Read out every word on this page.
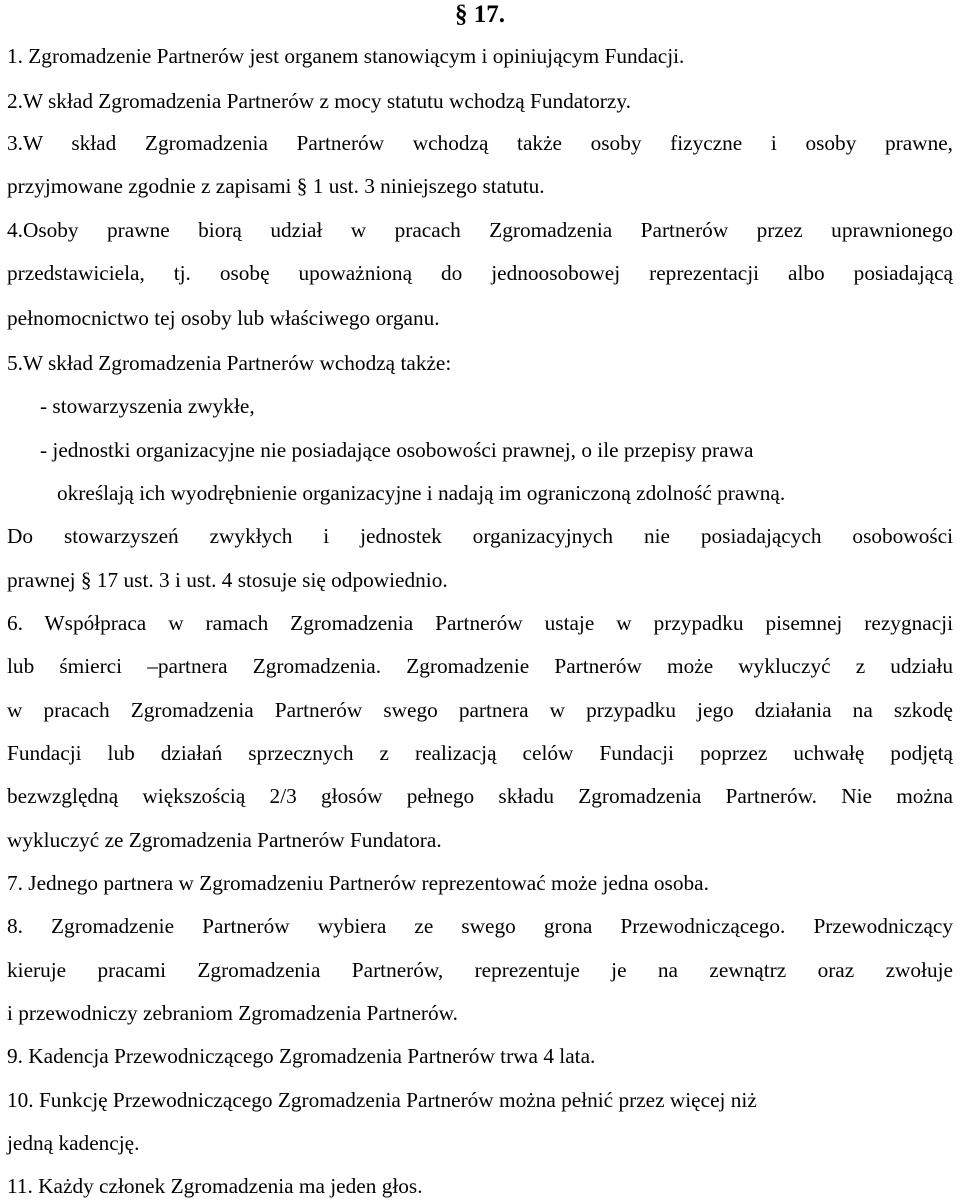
§ 17.
1. Zgromadzenie Partnerów jest organem stanowiącym i opiniującym Fundacji.
2.W skład Zgromadzenia Partnerów z mocy statutu wchodzą Fundatorzy.
3.W skład Zgromadzenia Partnerów wchodzą także osoby fizyczne i osoby prawne,
przyjmowane zgodnie z zapisami § 1 ust. 3 niniejszego statutu.
4.Osoby prawne biorą udział w pracach Zgromadzenia Partnerów przez uprawnionego
przedstawiciela, tj. osobę upoważnioną do jednoosobowej reprezentacji albo posiadającą
pełnomocnictwo tej osoby lub właściwego organu.
5.W skład Zgromadzenia Partnerów wchodzą także:
- stowarzyszenia zwykłe,
- jednostki organizacyjne nie posiadające osobowości prawnej, o ile przepisy prawa
określają ich wyodrębnienie organizacyjne i nadają im ograniczoną zdolność prawną.
Do stowarzyszeń zwykłych i jednostek organizacyjnych nie posiadających osobowości
prawnej § 17 ust. 3 i ust. 4 stosuje się odpowiednio.
6. Współpraca w ramach Zgromadzenia Partnerów ustaje w przypadku pisemnej rezygnacji
lub śmierci –partnera Zgromadzenia. Zgromadzenie Partnerów może wykluczyć z udziału
w pracach Zgromadzenia Partnerów swego partnera w przypadku jego działania na szkodę
Fundacji lub działań sprzecznych z realizacją celów Fundacji poprzez uchwałę podjętą
bezwzględną większością 2/3 głosów pełnego składu Zgromadzenia Partnerów. Nie można
wykluczyć ze Zgromadzenia Partnerów Fundatora.
7. Jednego partnera w Zgromadzeniu Partnerów reprezentować może jedna osoba.
8. Zgromadzenie Partnerów wybiera ze swego grona Przewodniczącego. Przewodniczący
kieruje pracami Zgromadzenia Partnerów, reprezentuje je na zewnątrz oraz zwołuje
i przewodniczy zebraniom Zgromadzenia Partnerów.
9. Kadencja Przewodniczącego Zgromadzenia Partnerów trwa 4 lata.
10. Funkcję Przewodniczącego Zgromadzenia Partnerów można pełnić przez więcej niż
jedną kadencję.
11. Każdy członek Zgromadzenia ma jeden głos.
